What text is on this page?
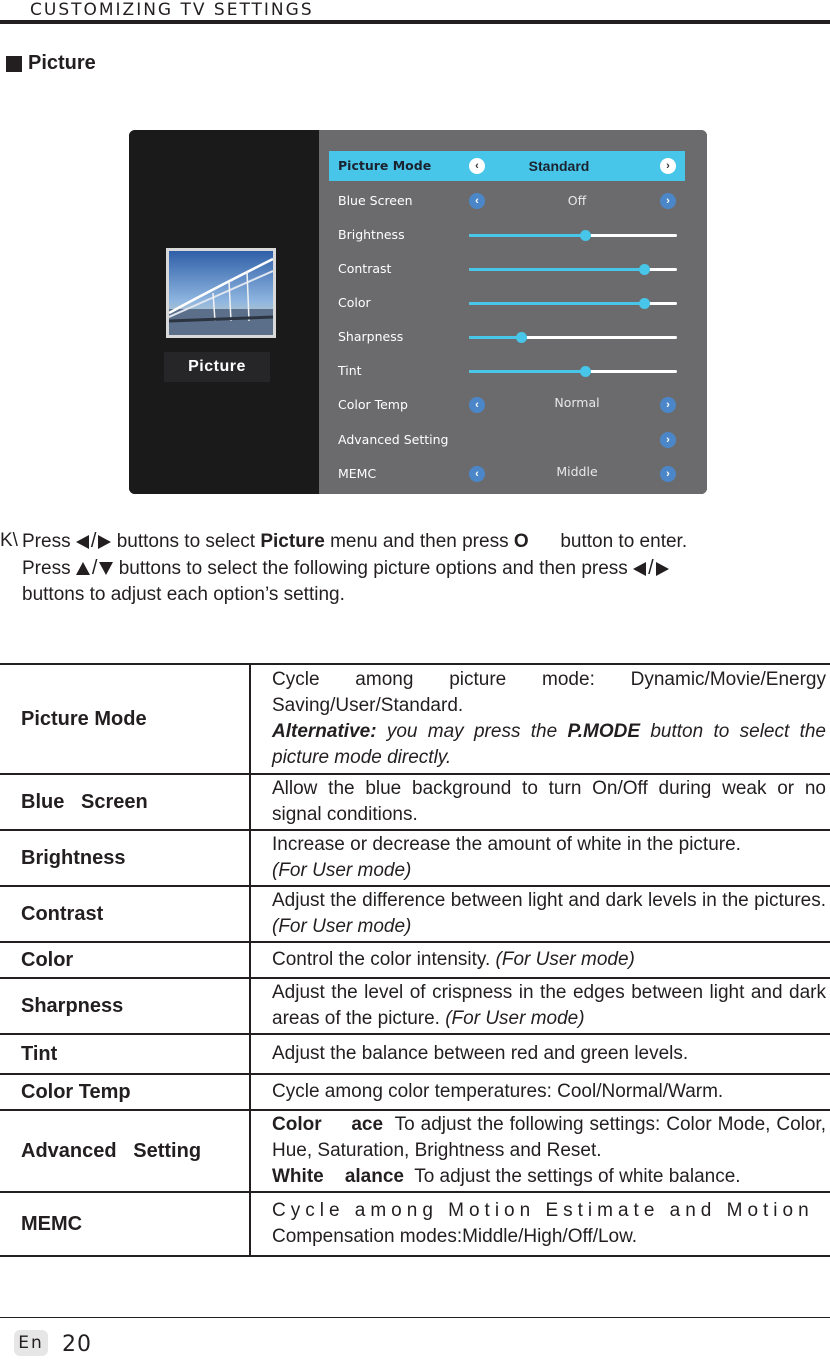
CUSTOMIZING TV SETTINGS
Picture
Picture
Picture Mode	‹	Standard	›
Blue Screen	‹	Off	›
Brightness
Contrast
Color
Sharpness
Tint
Color Temp	‹	Normal	›
Advanced Setting	›
MEMC	‹	Middle	›
K\ Press / buttons to select Picture menu and then press O button to enter.

Press / buttons to select the following picture options and then press /

buttons to adjust each option’s setting.

Picture Mode	Cycle among picture mode: Dynamic/Movie/Energy Saving/User/Standard.
Alternative: you may press the P.MODE button to select the picture mode directly.
Blue   Screen	Allow the blue background to turn On/Off during weak or no signal conditions.
Brightness	Increase or decrease the amount of white in the picture.
(For User mode)
Contrast	Adjust the difference between light and dark levels in the pictures. (For User mode)
Color	Control the color intensity. (For User mode)
Sharpness	Adjust the level of crispness in the edges between light and dark areas of the picture. (For User mode)
Tint	Adjust the balance between red and green levels.
Color Temp	Cycle among color temperatures: Cool/Normal/Warm.
Advanced   Setting	Color     ace To adjust the following settings: Color Mode, Color, Hue, Saturation, Brightness and Reset.
White    alance To adjust the settings of white balance.
MEMC	Cycle among Motion Estimate and Motion
Compensation modes:Middle/High/Off/Low.
En 20
